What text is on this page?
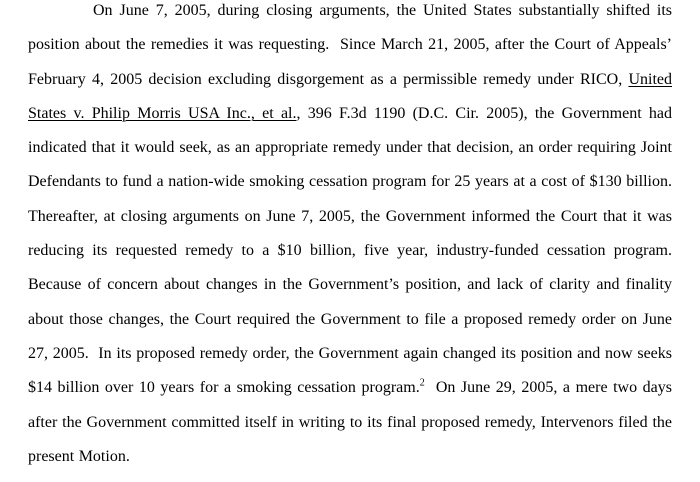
On June 7, 2005, during closing arguments, the United States substantially shifted its
position about the remedies it was requesting.  Since March 21, 2005, after the Court of Appeals’
February 4, 2005 decision excluding disgorgement as a permissible remedy under RICO, United
States v. Philip Morris USA Inc., et al., 396 F.3d 1190 (D.C. Cir. 2005), the Government had
indicated that it would seek, as an appropriate remedy under that decision, an order requiring Joint
Defendants to fund a nation-wide smoking cessation program for 25 years at a cost of $130 billion.
Thereafter, at closing arguments on June 7, 2005, the Government informed the Court that it was
reducing its requested remedy to a $10 billion, five year, industry-funded cessation program.
Because of concern about changes in the Government’s position, and lack of clarity and finality
about those changes, the Court required the Government to file a proposed remedy order on June
27, 2005.  In its proposed remedy order, the Government again changed its position and now seeks
$14 billion over 10 years for a smoking cessation program.$^2$  On June 29, 2005, a mere two days
after the Government committed itself in writing to its final proposed remedy, Intervenors filed the
present Motion.
